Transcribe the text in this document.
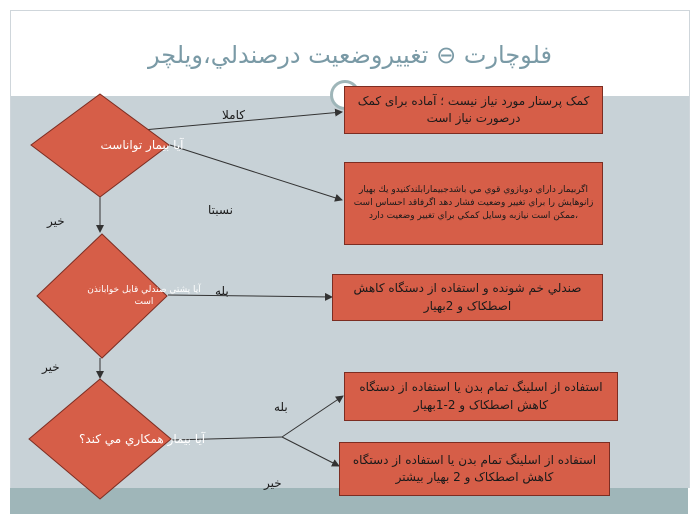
فلوچارت ⊖ تغییروضعیت درصندلي،ويلچر
آيا بيمار تواناست
آيا پشتي صندلي قابل خوابانذن است
آيا بيمار همكاري مي كند؟
کمک پرستار مورد نیاز نیست ؛ آماده برای کمک درصورت نیاز است
اگربيمار داراي دوبازوي قوي مي باشدجبيمارابلندكنيدو يك بهيار زانوهايش را براي تغيير وضعيت فشار دهد اگرفاقد احساس است ،ممكن است نيازبه وسايل كمكي براي تغيير وضعيت دارد
صندلي خم شونده و استفاده از دستگاه کاهش اصطکاک و 2بهيار
استفاده از اسلینگ تمام بدن یا استفاده از دستگاه کاهش اصطکاک و 2-1بهيار
استفاده از اسلینگ تمام بدن یا استفاده از دستگاه کاهش اصطکاک و 2 بهيار بيشتر
كاملا
نسبتا
خير
بله
خير
بله
خير
